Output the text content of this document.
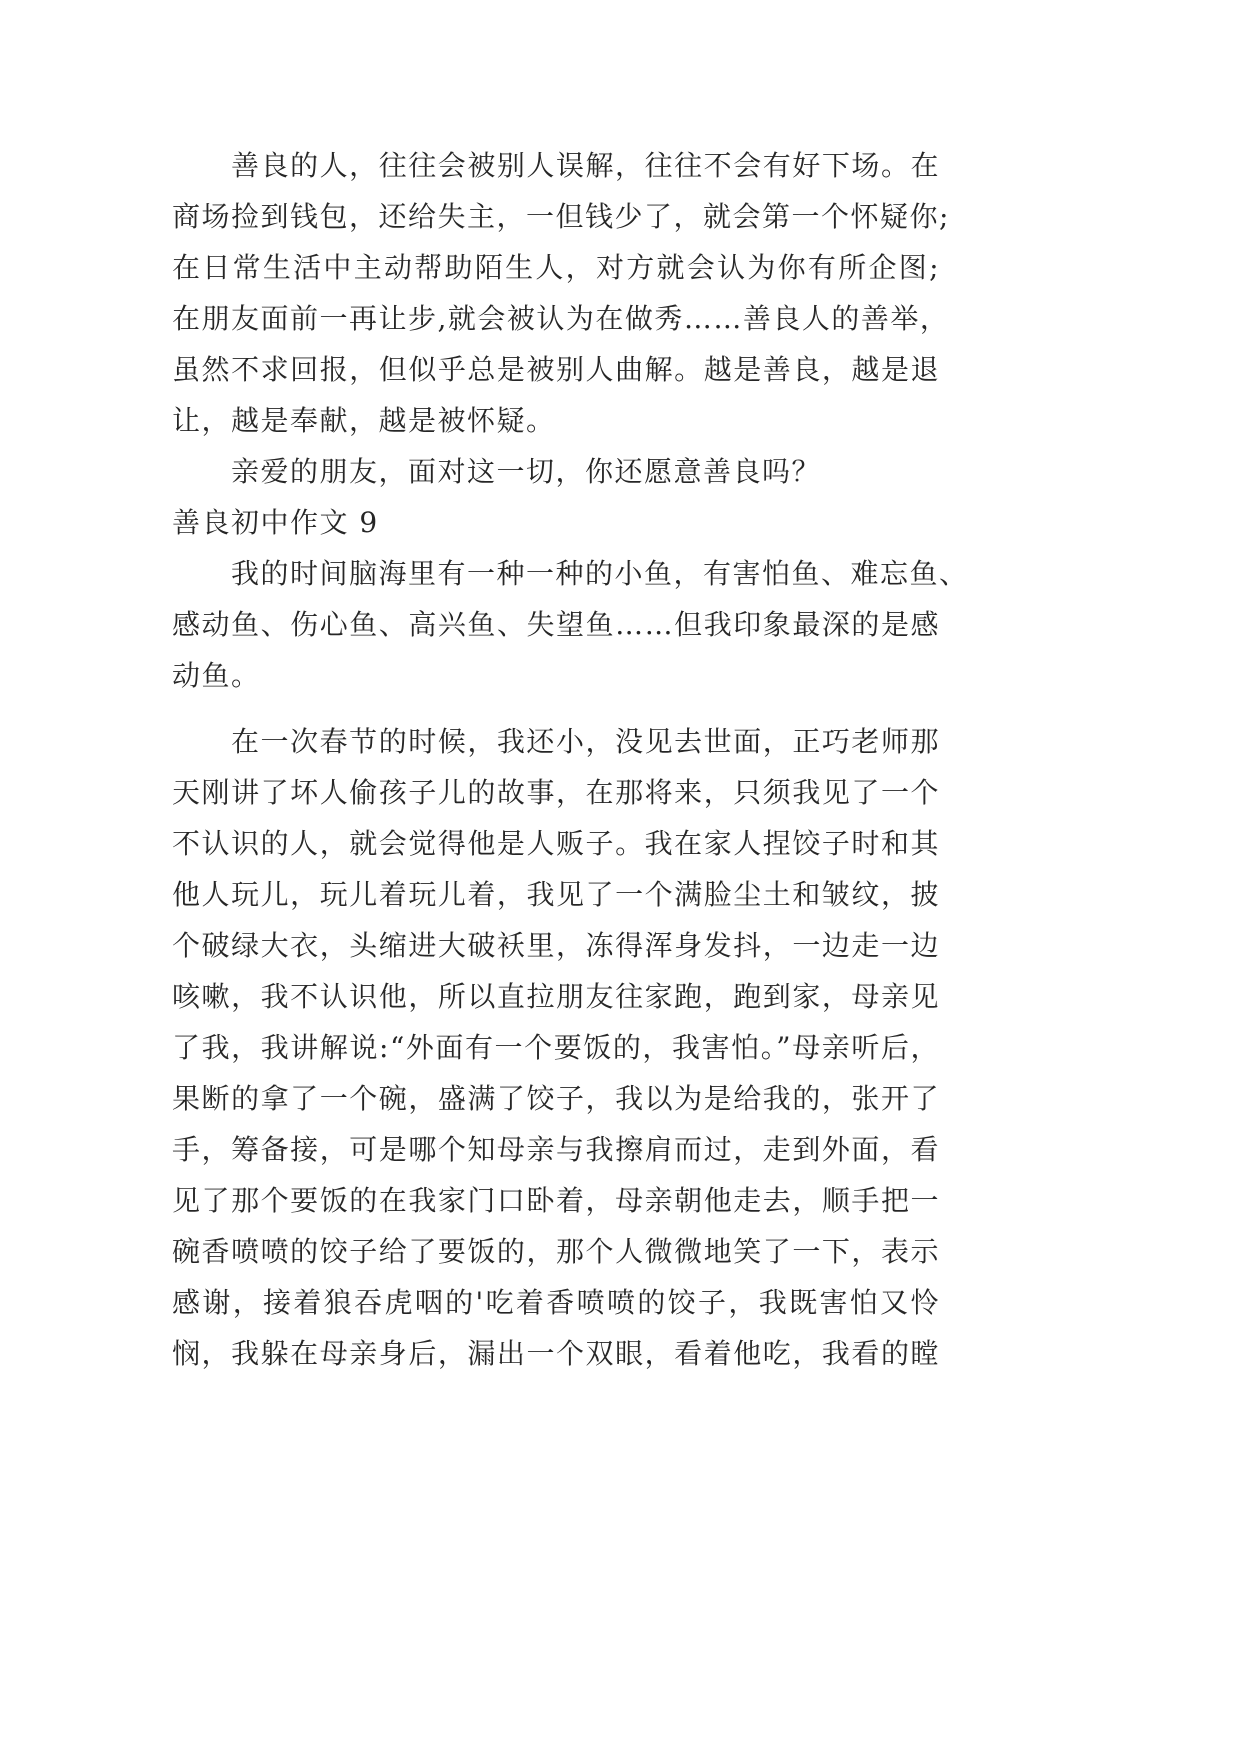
善良的人，往往会被别人误解，往往不会有好下场。在
商场捡到钱包，还给失主，一但钱少了，就会第一个怀疑你;
在日常生活中主动帮助陌生人，对方就会认为你有所企图;
在朋友面前一再让步,就会被认为在做秀……善良人的善举，
虽然不求回报，但似乎总是被别人曲解。越是善良，越是退
让，越是奉献，越是被怀疑。
亲爱的朋友，面对这一切，你还愿意善良吗？
善良初中作文 9
我的时间脑海里有一种一种的小鱼，有害怕鱼、难忘鱼、
感动鱼、伤心鱼、高兴鱼、失望鱼……但我印象最深的是感
动鱼。
在一次春节的时候，我还小，没见去世面，正巧老师那
天刚讲了坏人偷孩子儿的故事，在那将来，只须我见了一个
不认识的人，就会觉得他是人贩子。我在家人捏饺子时和其
他人玩儿，玩儿着玩儿着，我见了一个满脸尘土和皱纹，披
个破绿大衣，头缩进大破袄里，冻得浑身发抖，一边走一边
咳嗽，我不认识他，所以直拉朋友往家跑，跑到家，母亲见
了我，我讲解说:“外面有一个要饭的，我害怕。”母亲听后，
果断的拿了一个碗，盛满了饺子，我以为是给我的，张开了
手，筹备接，可是哪个知母亲与我擦肩而过，走到外面，看
见了那个要饭的在我家门口卧着，母亲朝他走去，顺手把一
碗香喷喷的饺子给了要饭的，那个人微微地笑了一下，表示
感谢，接着狼吞虎咽的'吃着香喷喷的饺子，我既害怕又怜
悯，我躲在母亲身后，漏出一个双眼，看着他吃，我看的瞠
